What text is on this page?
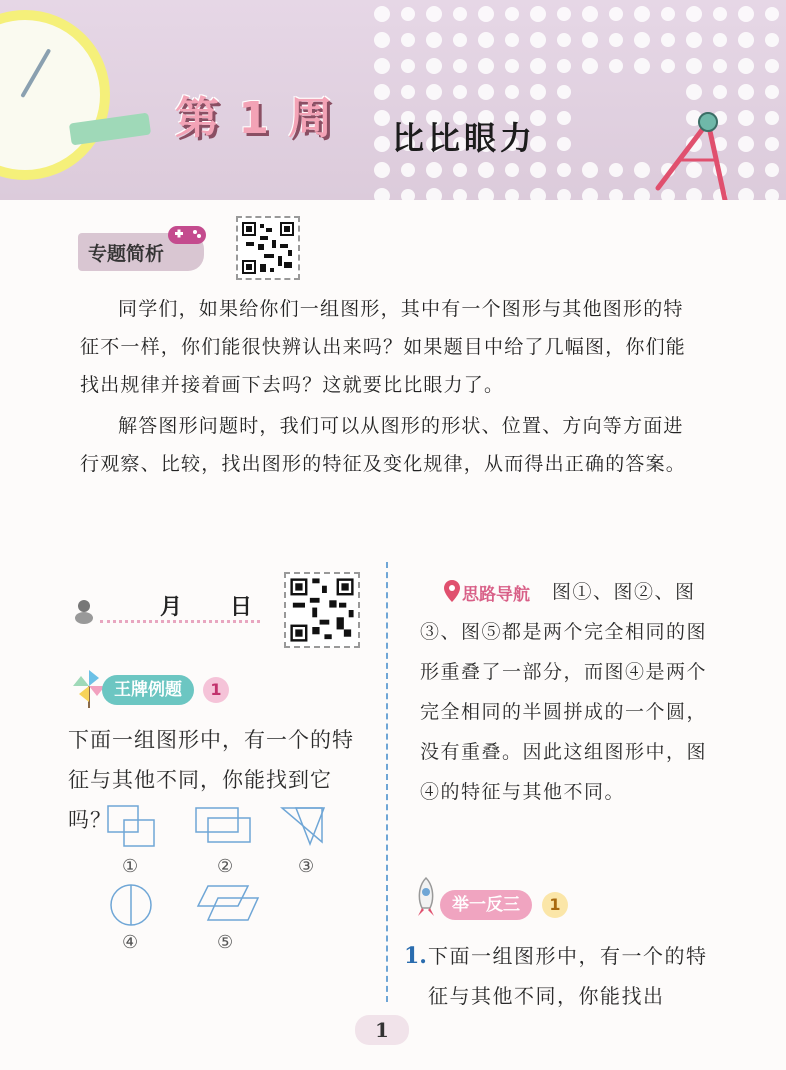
第 1 周 比比眼力
专题简析

同学们，如果给你们一组图形，其中有一个图形与其他图形的特征不一样，你们能很快辨认出来吗？如果题目中给了几幅图，你们能找出规律并接着画下去吗？这就要比比眼力了。

解答图形问题时，我们可以从图形的形状、位置、方向等方面进行观察、比较，找出图形的特征及变化规律，从而得出正确的答案。

月 日
王牌例题	1
下面一组图形中，有一个的特征与其他不同，你能找到它吗？
①	②	③
④	⑤
思路导航	图①、图②、图③、图⑤都是两个完全相同的图形重叠了一部分，而图④是两个完全相同的半圆拼成的一个圆，没有重叠。因此这组图形中，图④的特征与其他不同。
举一反三	1
1. 下面一组图形中，有一个的特征与其他不同，你能找出
1
